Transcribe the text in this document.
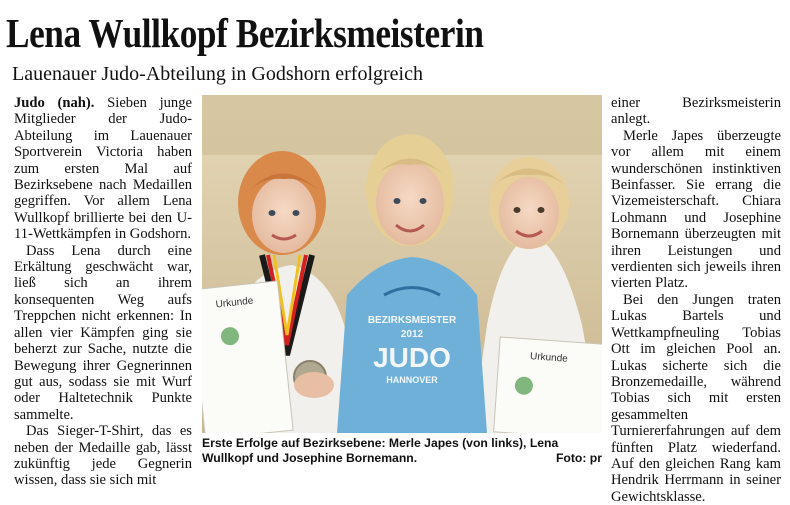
Lena Wullkopf Bezirksmeisterin
Lauenauer Judo-Abteilung in Godshorn erfolgreich

Judo (nah). Sieben junge Mitglieder der Judo-Abteilung im Lauenauer Sportverein Victoria haben zum ersten Mal auf Bezirksebene nach Medaillen gegriffen. Vor allem Lena Wullkopf brillierte bei den U-11-Wettkämpfen in Godshorn.

Dass Lena durch eine Erkältung geschwächt war, ließ sich an ihrem konsequenten Weg aufs Treppchen nicht erkennen: In allen vier Kämpfen ging sie beherzt zur Sache, nutzte die Bewegung ihrer Gegnerinnen gut aus, sodass sie mit Wurf oder Haltetechnik Punkte sammelte.

Das Sieger-T-Shirt, das es neben der Medaille gab, lässt zukünftig jede Gegnerin wissen, dass sie sich mit

BEZIRKSMEISTER
2012
JUDO
HANNOVER
Urkunde
Urkunde
Erste Erfolge auf Bezirksebene: Merle Japes (von links), Lena Wullkopf und Josephine Bornemann.	Foto: pr

einer Bezirksmeisterin anlegt.

Merle Japes überzeugte vor allem mit einem wunderschönen instinktiven Beinfasser. Sie errang die Vizemeisterschaft. Chiara Lohmann und Josephine Bornemann überzeugten mit ihren Leistungen und verdienten sich jeweils ihren vierten Platz.

Bei den Jungen traten Lukas Bartels und Wettkampfneuling Tobias Ott im gleichen Pool an. Lukas sicherte sich die Bronzemedaille, während Tobias sich mit ersten gesammelten Turniererfahrungen auf dem fünften Platz wiederfand. Auf den gleichen Rang kam Hendrik Herrmann in seiner Gewichtsklasse.
